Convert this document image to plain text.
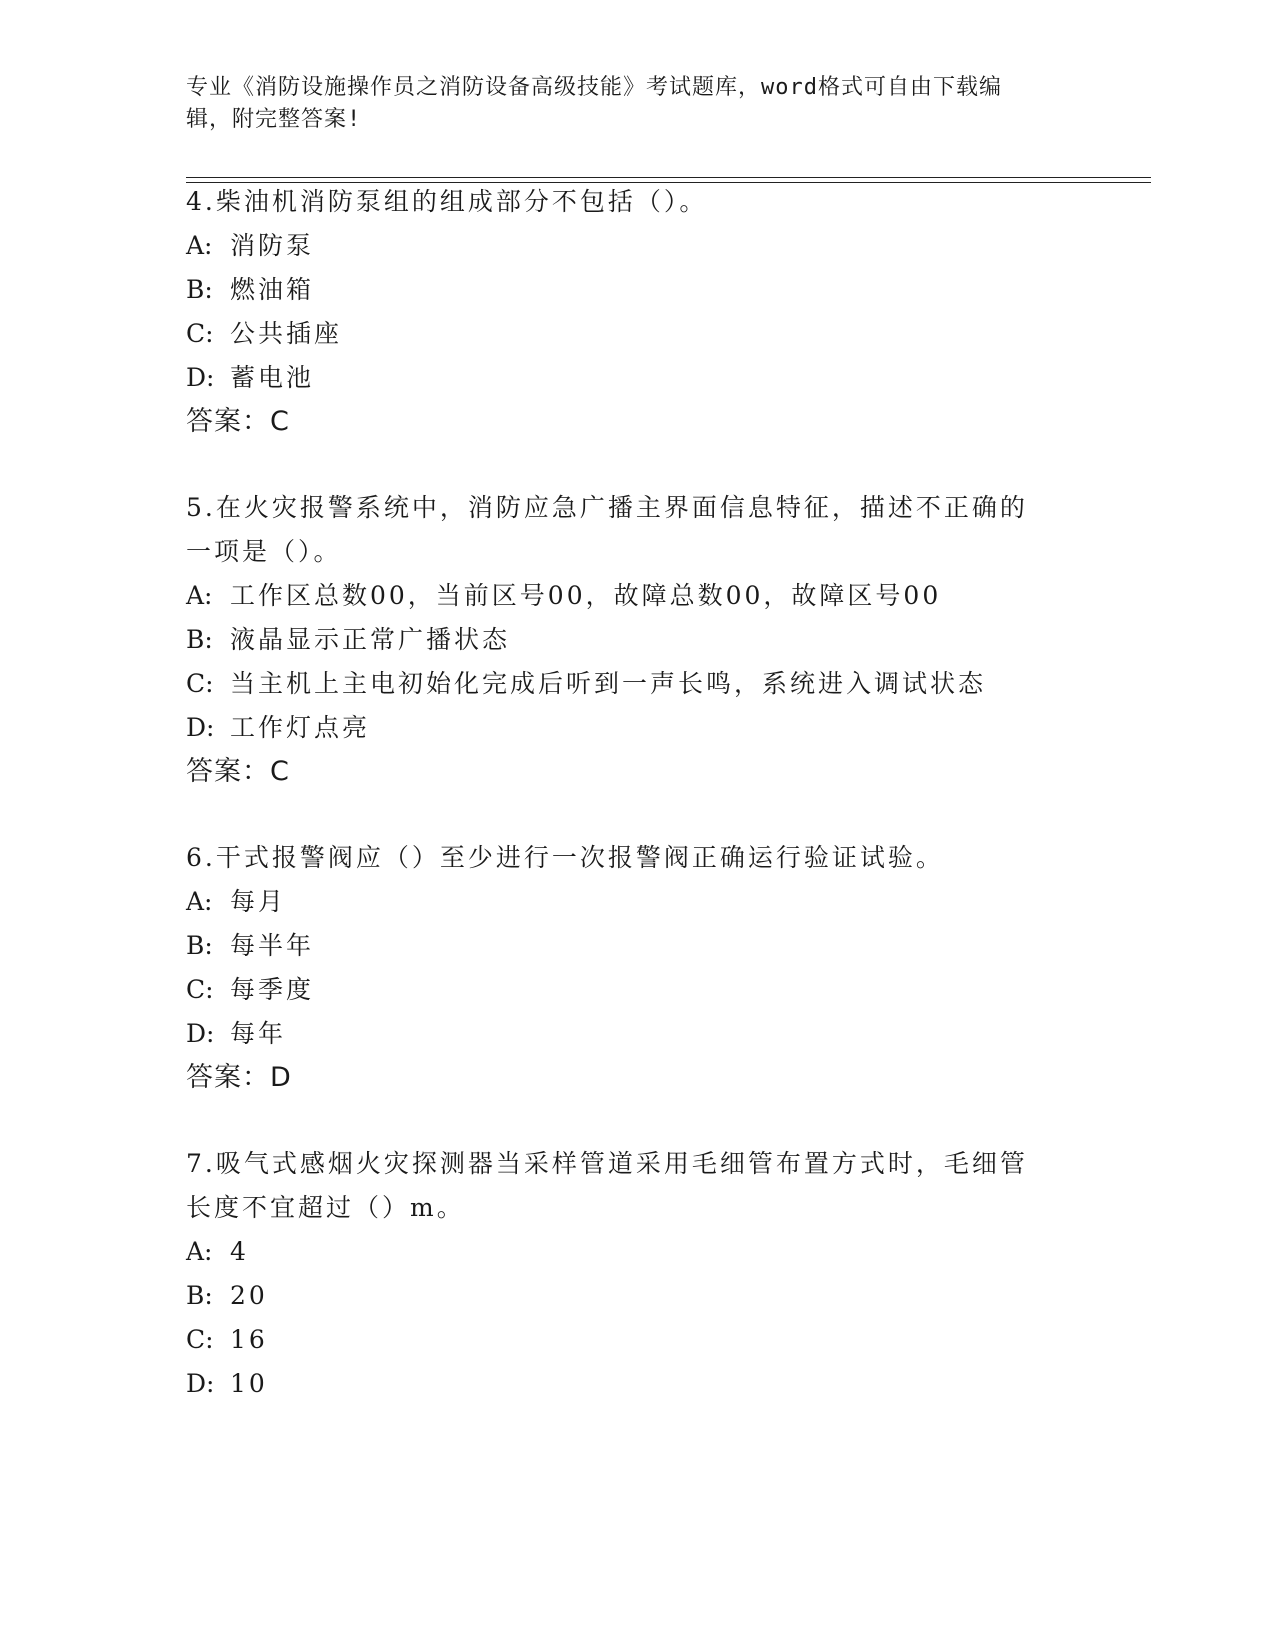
专业《消防设施操作员之消防设备高级技能》考试题库，word格式可自由下载编
辑，附完整答案!
4.柴油机消防泵组的组成部分不包括（）。
A: 消防泵
B: 燃油箱
C: 公共插座
D: 蓄电池
答案：C
5.在火灾报警系统中，消防应急广播主界面信息特征，描述不正确的
一项是（）。
A: 工作区总数00，当前区号00，故障总数00，故障区号00
B: 液晶显示正常广播状态
C: 当主机上主电初始化完成后听到一声长鸣，系统进入调试状态
D: 工作灯点亮
答案：C
6.干式报警阀应（）至少进行一次报警阀正确运行验证试验。
A: 每月
B: 每半年
C: 每季度
D: 每年
答案：D
7.吸气式感烟火灾探测器当采样管道采用毛细管布置方式时，毛细管
长度不宜超过（）m。
A: 4
B: 20
C: 16
D: 10
